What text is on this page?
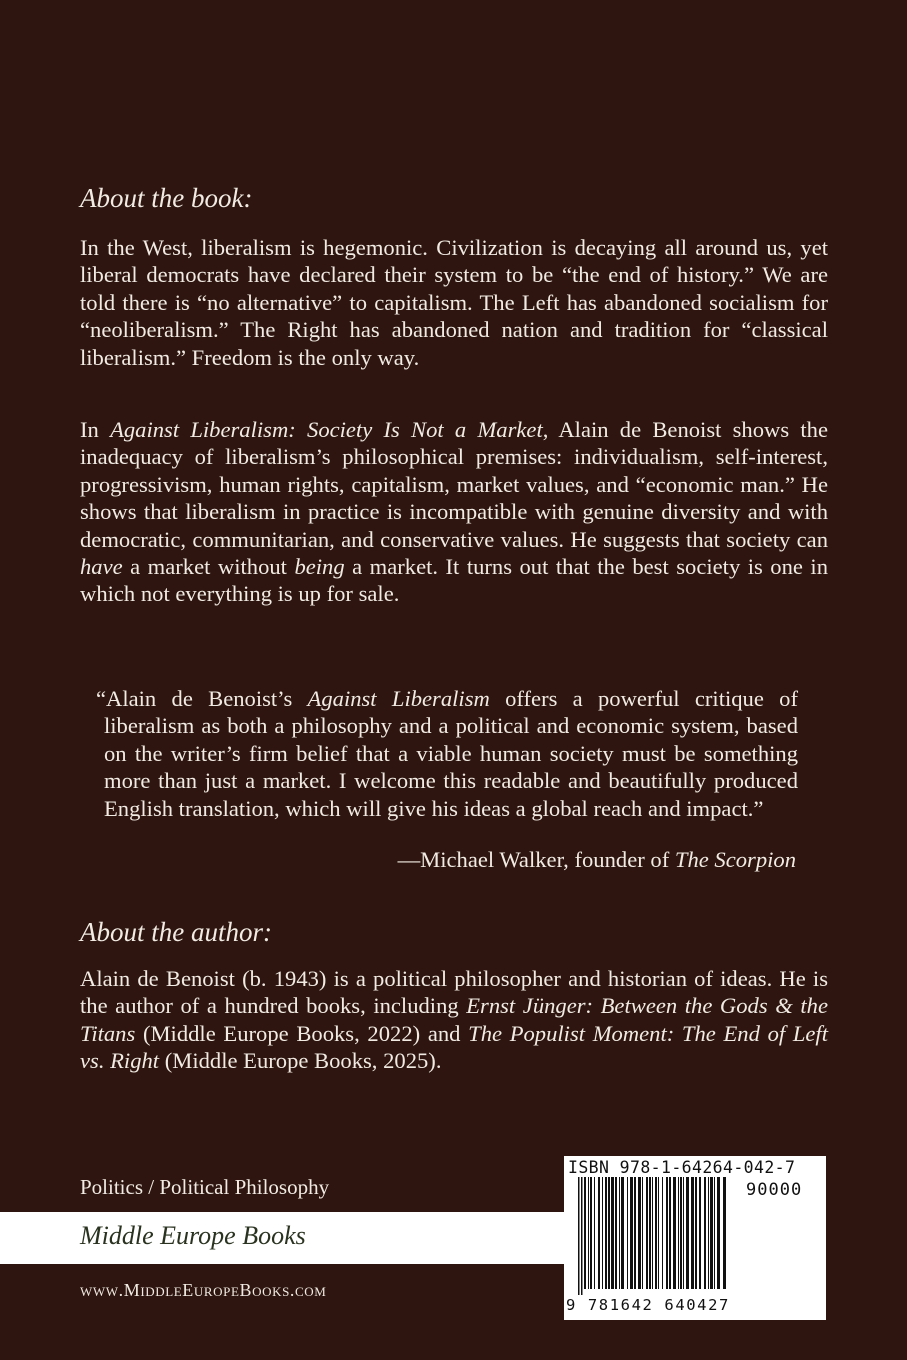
About the book:

In the West, liberalism is hegemonic. Civilization is decaying all around us, yet liberal democrats have declared their system to be “the end of history.” We are told there is “no alternative” to capitalism. The Left has abandoned socialism for “neoliberalism.” The Right has abandoned nation and tradition for “classical liberalism.” Freedom is the only way.

In Against Liberalism: Society Is Not a Market, Alain de Benoist shows the inadequacy of liberalism’s philosophical premises: individualism, self-interest, progressivism, human rights, capitalism, market values, and “economic man.” He shows that liberalism in practice is incompatible with genuine diversity and with democratic, communitarian, and conservative values. He suggests that society can have a market without being a market. It turns out that the best society is one in which not everything is up for sale.

“Alain de Benoist’s Against Liberalism offers a powerful critique of liberalism as both a philosophy and a political and economic system, based on the writer’s firm belief that a viable human society must be something more than just a market. I welcome this readable and beautifully produced English translation, which will give his ideas a global reach and impact.”

—Michael Walker, founder of The Scorpion

About the author:

Alain de Benoist (b. 1943) is a political philosopher and historian of ideas. He is the author of a hundred books, including Ernst Jünger: Between the Gods & the Titans (Middle Europe Books, 2022) and The Populist Moment: The End of Left vs. Right (Middle Europe Books, 2025).

Politics / Political Philosophy
Middle Europe Books
www.MiddleEuropeBooks.com
ISBN 978-1-64264-042-7
90000
9 781642 640427
